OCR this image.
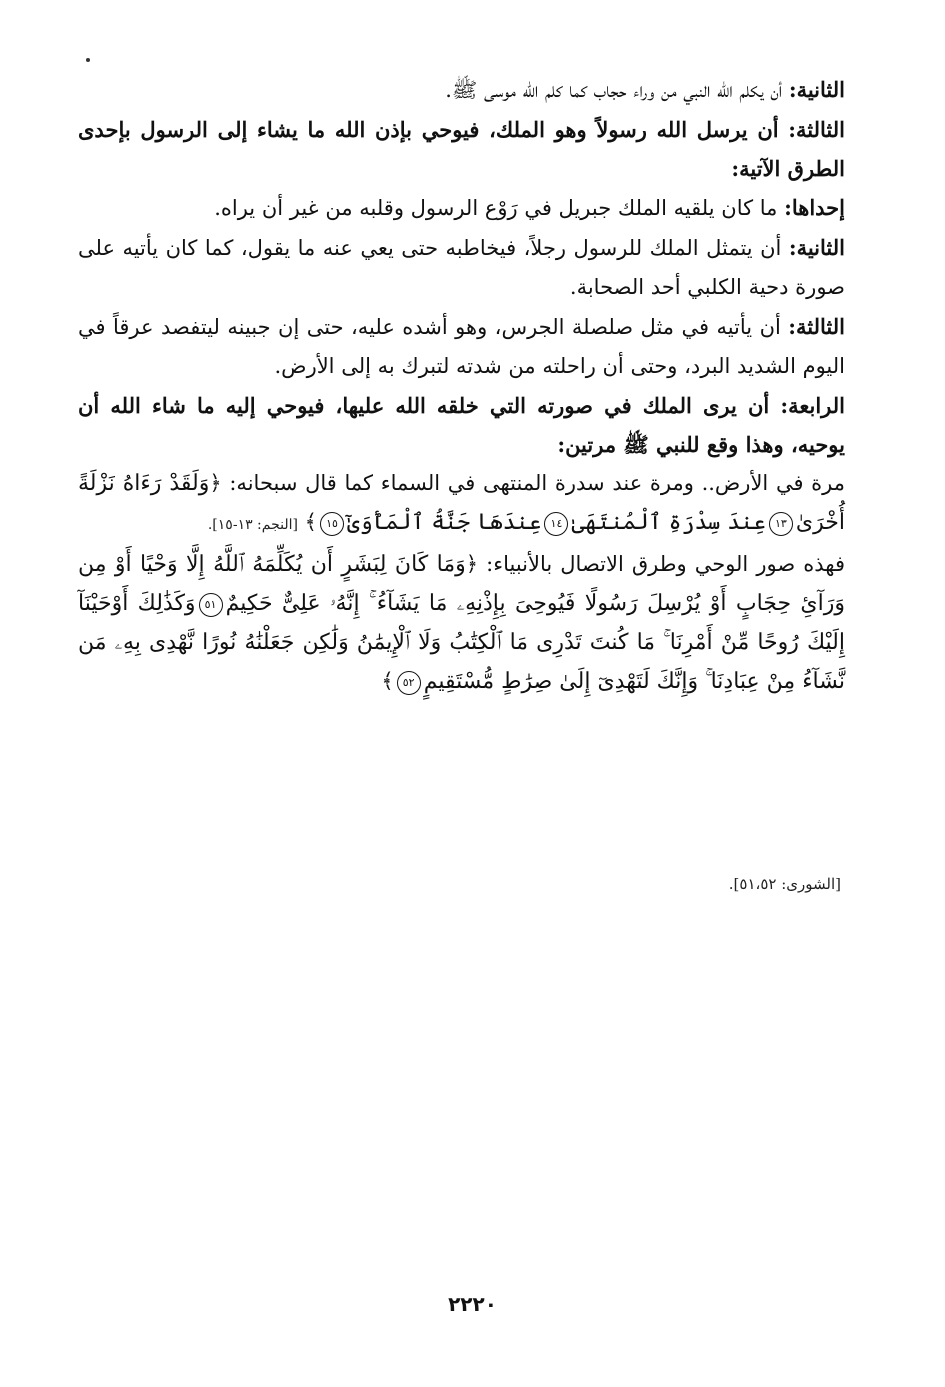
الثانية: أن يكلم الله النبي من وراء حجاب كما كلم الله موسى ﷺ.

الثالثة: أن يرسل الله رسولاً وهو الملك، فيوحي بإذن الله ما يشاء إلى الرسول بإحدى الطرق الآتية:

إحداها: ما كان يلقيه الملك جبريل في رَوْع الرسول وقلبه من غير أن يراه.

الثانية: أن يتمثل الملك للرسول رجلاً، فيخاطبه حتى يعي عنه ما يقول، كما كان يأتيه على صورة دحية الكلبي أحد الصحابة.

الثالثة: أن يأتيه في مثل صلصلة الجرس، وهو أشده عليه، حتى إن جبينه ليتفصد عرقاً في اليوم الشديد البرد، وحتى أن راحلته من شدته لتبرك به إلى الأرض.

الرابعة: أن يرى الملك في صورته التي خلقه الله عليها، فيوحي إليه ما شاء الله أن يوحيه، وهذا وقع للنبي ﷺ مرتين:

مرة في الأرض.. ومرة عند سدرة المنتهى في السماء كما قال سبحانه: ﴿وَلَقَدْ رَءَاهُ نَزْلَةً أُخْرَىٰ١٣عِندَ سِدْرَةِ ٱلْمُنتَهَىٰ١٤عِندَهَا جَنَّةُ ٱلْمَأْوَىٰٓ١٥﴾ [النجم: ١٣-١٥].

فهذه صور الوحي وطرق الاتصال بالأنبياء: ﴿وَمَا كَانَ لِبَشَرٍ أَن يُكَلِّمَهُ ٱللَّهُ إِلَّا وَحْيًا أَوْ مِن وَرَآئِ حِجَابٍ أَوْ يُرْسِلَ رَسُولًا فَيُوحِىَ بِإِذْنِهِۦ مَا يَشَآءُ ۚ إِنَّهُۥ عَلِىٌّ حَكِيمٌ٥١وَكَذَٰلِكَ أَوْحَيْنَآ إِلَيْكَ رُوحًا مِّنْ أَمْرِنَا ۚ مَا كُنتَ تَدْرِى مَا ٱلْكِتَٰبُ وَلَا ٱلْإِيمَٰنُ وَلَٰكِن جَعَلْنَٰهُ نُورًا نَّهْدِى بِهِۦ مَن نَّشَآءُ مِنْ عِبَادِنَا ۚ وَإِنَّكَ لَتَهْدِىٓ إِلَىٰ صِرَٰطٍ مُّسْتَقِيمٍ٥٢﴾

[الشورى: ٥١،٥٢].
٢٢٢٠
